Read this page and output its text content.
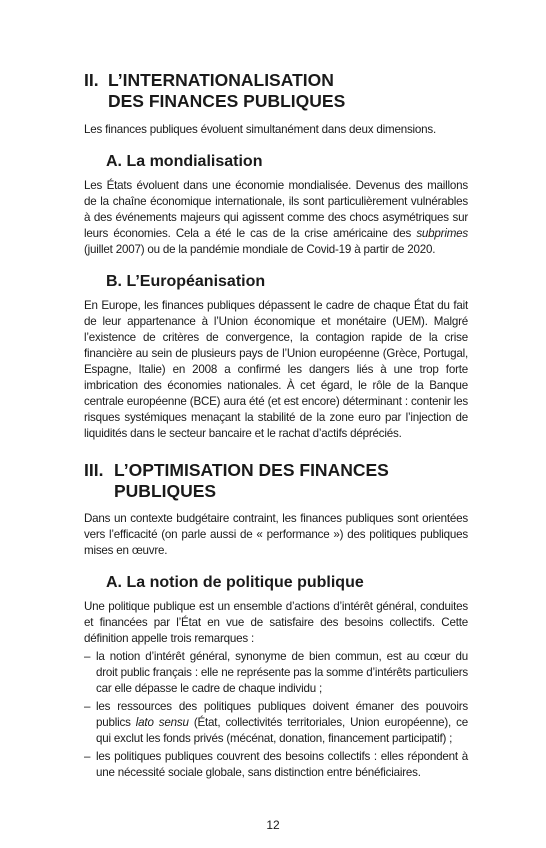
II. L’INTERNATIONALISATION
DES FINANCES PUBLIQUES

Les finances publiques évoluent simultanément dans deux dimensions.

A. La mondialisation

Les États évoluent dans une économie mondialisée. Devenus des maillons de la chaîne économique internationale, ils sont particulièrement vulnérables à des événements majeurs qui agissent comme des chocs asymétriques sur leurs économies. Cela a été le cas de la crise américaine des subprimes (juillet 2007) ou de la pandémie mondiale de Covid-19 à partir de 2020.

B. L’Européanisation

En Europe, les finances publiques dépassent le cadre de chaque État du fait de leur appartenance à l’Union économique et monétaire (UEM). Malgré l’existence de critères de convergence, la contagion rapide de la crise financière au sein de plusieurs pays de l’Union européenne (Grèce, Portugal, Espagne, Italie) en 2008 a confirmé les dangers liés à une trop forte imbrication des économies nationales. À cet égard, le rôle de la Banque centrale européenne (BCE) aura été (et est encore) déterminant : contenir les risques systémiques menaçant la stabilité de la zone euro par l’injection de liquidités dans le secteur bancaire et le rachat d’actifs dépréciés.

III. L’OPTIMISATION DES FINANCES PUBLIQUES

Dans un contexte budgétaire contraint, les finances publiques sont orientées vers l’efficacité (on parle aussi de « performance ») des politiques publiques mises en œuvre.

A. La notion de politique publique

Une politique publique est un ensemble d’actions d’intérêt général, conduites et financées par l’État en vue de satisfaire des besoins collectifs. Cette définition appelle trois remarques :

– la notion d’intérêt général, synonyme de bien commun, est au cœur du droit public français : elle ne représente pas la somme d’intérêts particuliers car elle dépasse le cadre de chaque individu ;
– les ressources des politiques publiques doivent émaner des pouvoirs publics lato sensu (État, collectivités territoriales, Union européenne), ce qui exclut les fonds privés (mécénat, donation, financement participatif) ;
– les politiques publiques couvrent des besoins collectifs : elles répondent à une nécessité sociale globale, sans distinction entre bénéficiaires.
12
